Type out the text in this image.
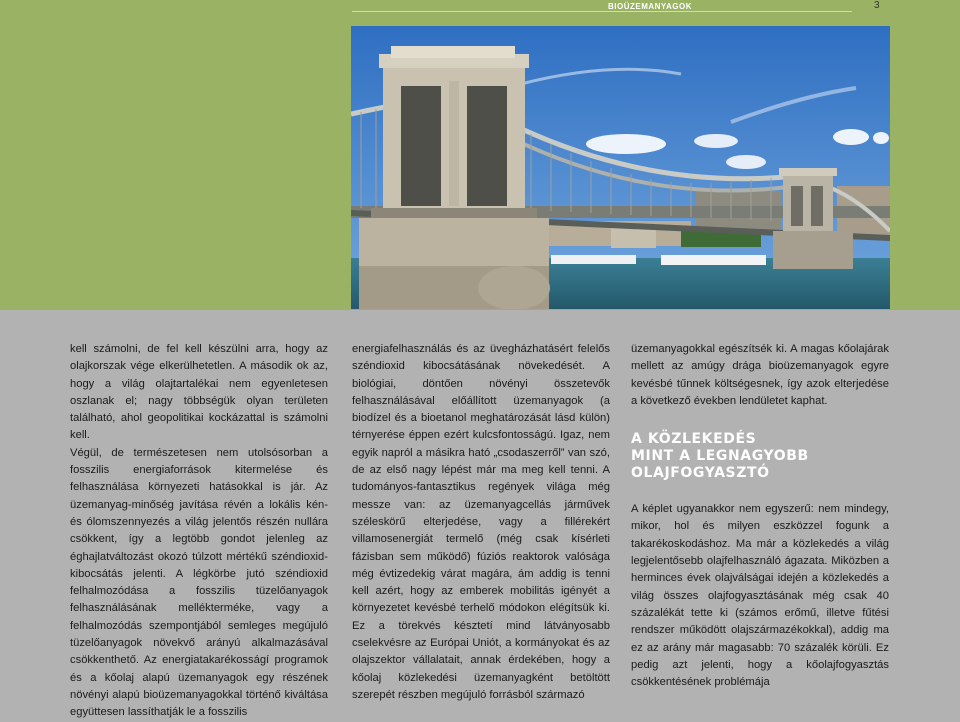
BIOÜZEMANYAGOK	3

kell számolni, de fel kell készülni arra, hogy az olajkorszak vége elkerülhetetlen. A második ok az, hogy a világ olajtartalékai nem egyenletesen oszlanak el; nagy többségük olyan területen található, ahol geopolitikai kockázattal is számolni kell.

Végül, de természetesen nem utolsósorban a fosszilis energiaforrások kitermelése és felhasználása környezeti hatásokkal is jár. Az üzemanyag-minőség javítása révén a lokális kén- és ólomszennyezés a világ jelentős részén nullára csökkent, így a legtöbb gondot jelenleg az éghajlatváltozást okozó túlzott mértékű széndioxid-kibocsátás jelenti. A légkörbe jutó széndioxid felhalmozódása a fosszilis tüzelőanyagok felhasználásának mellékterméke, vagy a felhalmozódás szempontjából semleges megújuló tüzelőanyagok növekvő arányú alkalmazásával csökkenthető. Az energiatakarékosságí programok és a kőolaj alapú üzemanyagok egy részének növényi alapú bioüzemanyagokkal történő kiváltása együttesen lassíthatják le a fosszilis

energiafelhasználás és az üvegházhatásért felelős széndioxid kibocsátásának növekedését. A biológiai, döntően növényi összetevők felhasználásával előállított üzemanyagok (a biodízel és a bioetanol meghatározását lásd külön) térnyerése éppen ezért kulcsfontosságú. Igaz, nem egyik napról a másikra ható „csodaszerről” van szó, de az első nagy lépést már ma meg kell tenni. A tudományos-fantasztikus regények világa még messze van: az üzemanyagcellás járművek széleskörű elterjedése, vagy a fillérekért villamosenergiát termelő (még csak kísérleti fázisban sem működő) fúziós reaktorok valósága még évtizedekig várat magára, ám addig is tenni kell azért, hogy az emberek mobilitás igényét a környezetet kevésbé terhelő módokon elégítsük ki. Ez a törekvés késztetí mind látványosabb cselekvésre az Európai Uniót, a kormányokat és az olajszektor vállalatait, annak érdekében, hogy a kőolaj közlekedési üzemanyagként betöltött szerepét részben megújuló forrásból származó

üzemanyagokkal egészítsék ki. A magas kőolajárak mellett az amúgy drága bioüzemanyagok egyre kevésbé tűnnek költségesnek, így azok elterjedése a következő években lendületet kaphat.

A KÖZLEKEDÉS
MINT A LEGNAGYOBB
OLAJFOGYASZTÓ

A képlet ugyanakkor nem egyszerű: nem mindegy, mikor, hol és milyen eszközzel fogunk a takarékoskodáshoz. Ma már a közlekedés a világ legjelentősebb olajfelhasználó ágazata. Miközben a herminces évek olajválságai idején a közlekedés a világ összes olajfogyasztásának még csak 40 százalékát tette ki (számos erőmű, illetve fűtési rendszer működött olajszármazékokkal), addig ma ez az arány már magasabb: 70 százalék körüli. Ez pedig azt jelenti, hogy a kőolajfogyasztás csökkentésének problémája
